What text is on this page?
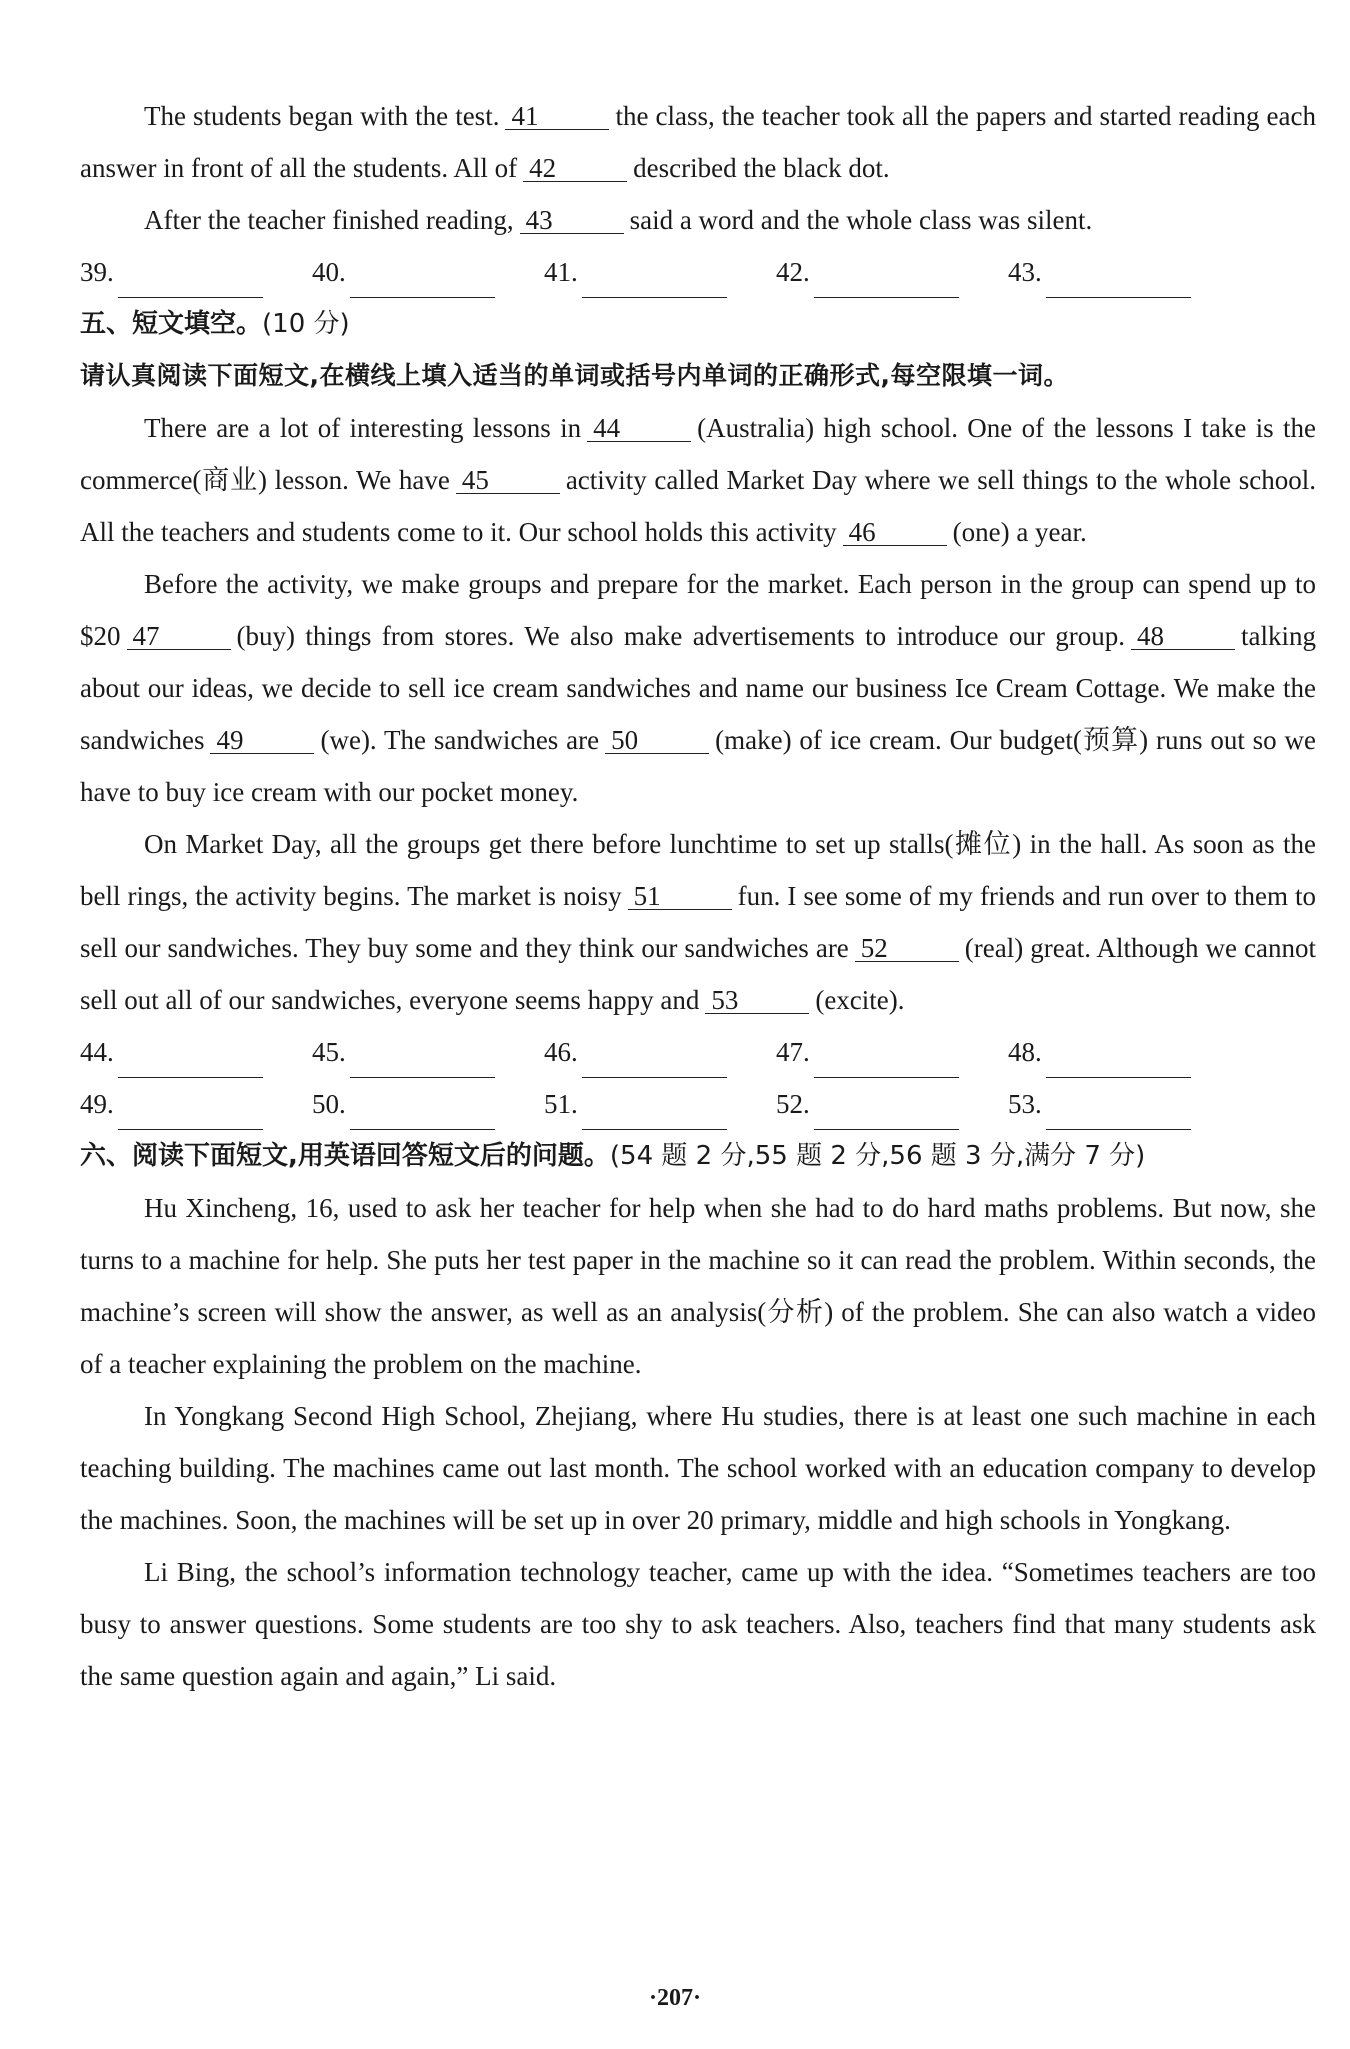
The students began with the test. 41	the class, the teacher took all the papers and started reading each answer in front of all the students. All of 42	described the black dot.

After the teacher finished reading, 43	said a word and the whole class was silent.

39.	40.	41.	42.	43.

五、短文填空。(10 分)

请认真阅读下面短文,在横线上填入适当的单词或括号内单词的正确形式,每空限填一词。

There are a lot of interesting lessons in 44	(Australia) high school. One of the lessons I take is the commerce(商业) lesson. We have 45	activity called Market Day where we sell things to the whole school. All the teachers and students come to it. Our school holds this activity 46	(one) a year.

Before the activity, we make groups and prepare for the market. Each person in the group can spend up to $20 47	(buy) things from stores. We also make advertisements to introduce our group. 48	talking about our ideas, we decide to sell ice cream sandwiches and name our business Ice Cream Cottage. We make the sandwiches 49	(we). The sandwiches are 50	(make) of ice cream. Our budget(预算) runs out so we have to buy ice cream with our pocket money.

On Market Day, all the groups get there before lunchtime to set up stalls(摊位) in the hall. As soon as the bell rings, the activity begins. The market is noisy 51	fun. I see some of my friends and run over to them to sell our sandwiches. They buy some and they think our sandwiches are 52	(real) great. Although we cannot sell out all of our sandwiches, everyone seems happy and 53	(excite).

44.	45.	46.	47.	48.
49.	50.	51.	52.	53.

六、阅读下面短文,用英语回答短文后的问题。(54 题 2 分,55 题 2 分,56 题 3 分,满分 7 分)

Hu Xincheng, 16, used to ask her teacher for help when she had to do hard maths problems. But now, she turns to a machine for help. She puts her test paper in the machine so it can read the problem. Within seconds, the machine’s screen will show the answer, as well as an analysis(分析) of the problem. She can also watch a video of a teacher explaining the problem on the machine.

In Yongkang Second High School, Zhejiang, where Hu studies, there is at least one such machine in each teaching building. The machines came out last month. The school worked with an education company to develop the machines. Soon, the machines will be set up in over 20 primary, middle and high schools in Yongkang.

Li Bing, the school’s information technology teacher, came up with the idea. “Sometimes teachers are too busy to answer questions. Some students are too shy to ask teachers. Also, teachers find that many students ask the same question again and again,” Li said.

·207·
